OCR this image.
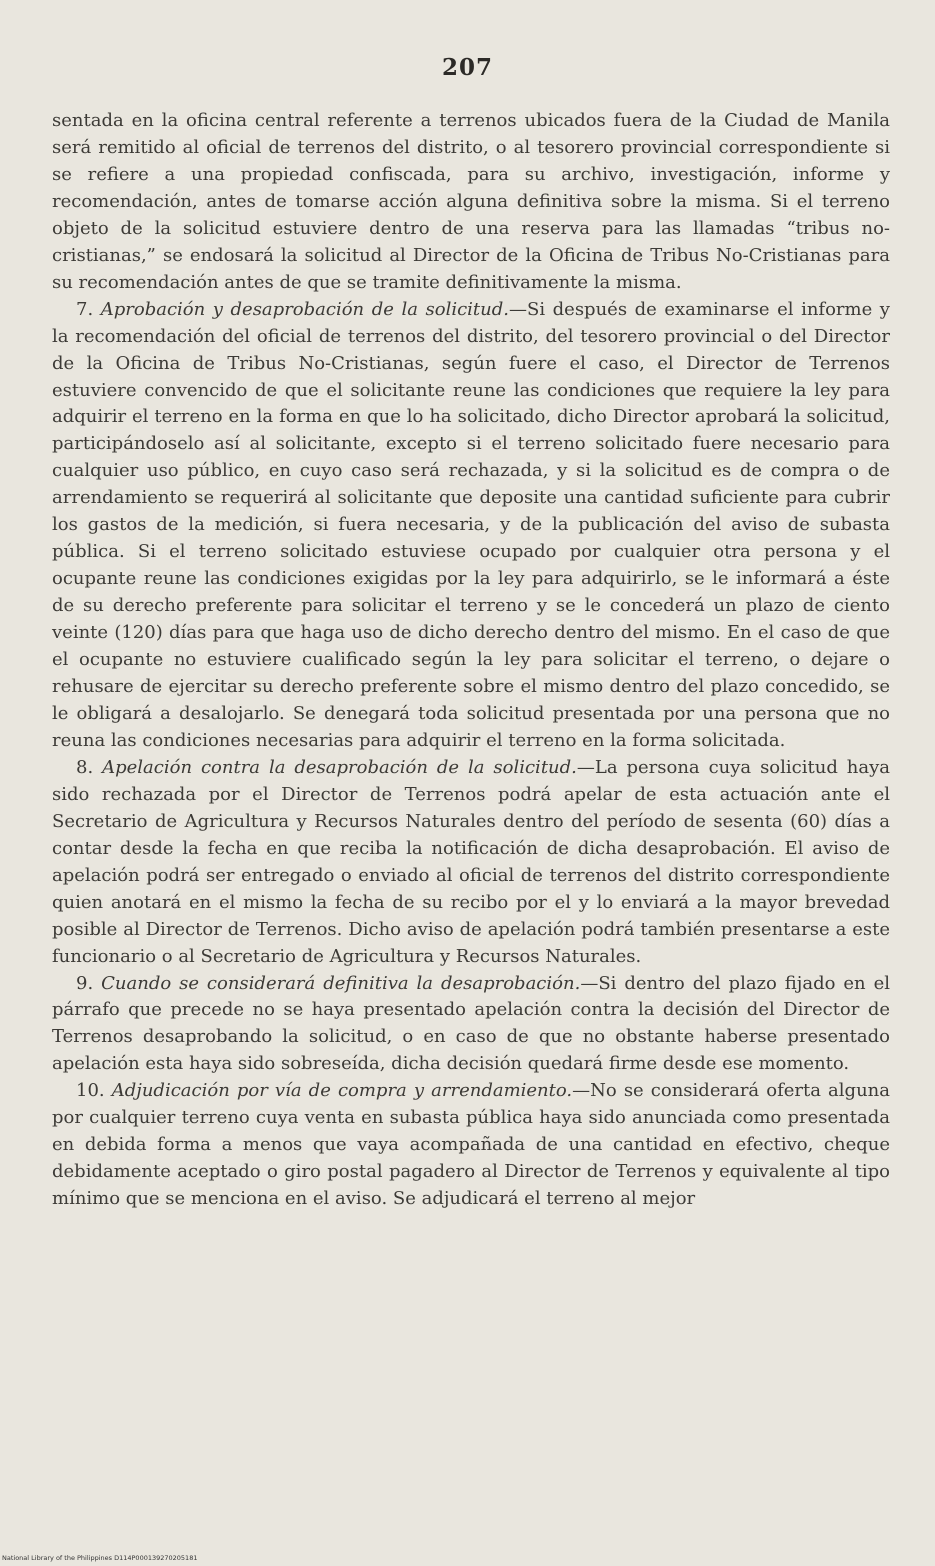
207

sentada en la oficina central referente a terrenos ubicados fuera de la Ciudad de Manila será remitido al oficial de terrenos del distrito, o al tesorero provincial correspondiente si se refiere a una propiedad confiscada, para su archivo, investigación, informe y recomendación, antes de tomarse acción alguna definitiva sobre la misma. Si el terreno objeto de la solicitud estuviere dentro de una reserva para las llamadas “tribus no-cristianas,” se endosará la solicitud al Director de la Oficina de Tribus No-Cristianas para su recomendación antes de que se tramite definitivamente la misma.

7. Aprobación y desaprobación de la solicitud.—Si después de examinarse el informe y la recomendación del oficial de terrenos del distrito, del tesorero provincial o del Director de la Oficina de Tribus No-Cristianas, según fuere el caso, el Director de Terrenos estuviere convencido de que el solicitante reune las condiciones que requiere la ley para adquirir el terreno en la forma en que lo ha solicitado, dicho Director aprobará la solicitud, participándoselo así al solicitante, excepto si el terreno solicitado fuere necesario para cualquier uso público, en cuyo caso será rechazada, y si la solicitud es de compra o de arrendamiento se requerirá al solicitante que deposite una cantidad suficiente para cubrir los gastos de la medición, si fuera necesaria, y de la publicación del aviso de subasta pública. Si el terreno solicitado estuviese ocupado por cualquier otra persona y el ocupante reune las condiciones exigidas por la ley para adquirirlo, se le informará a éste de su derecho preferente para solicitar el terreno y se le concederá un plazo de ciento veinte (120) días para que haga uso de dicho derecho dentro del mismo. En el caso de que el ocupante no estuviere cualificado según la ley para solicitar el terreno, o dejare o rehusare de ejercitar su derecho preferente sobre el mismo dentro del plazo concedido, se le obligará a desalojarlo. Se denegará toda solicitud presentada por una persona que no reuna las condiciones necesarias para adquirir el terreno en la forma solicitada.

8. Apelación contra la desaprobación de la solicitud.—La persona cuya solicitud haya sido rechazada por el Director de Terrenos podrá apelar de esta actuación ante el Secretario de Agricultura y Recursos Naturales dentro del período de sesenta (60) días a contar desde la fecha en que reciba la notificación de dicha desaprobación. El aviso de apelación podrá ser entregado o enviado al oficial de terrenos del distrito correspondiente quien anotará en el mismo la fecha de su recibo por el y lo enviará a la mayor brevedad posible al Director de Terrenos. Dicho aviso de apelación podrá también presentarse a este funcionario o al Secretario de Agricultura y Recursos Naturales.

9. Cuando se considerará definitiva la desaprobación.—Si dentro del plazo fijado en el párrafo que precede no se haya presentado apelación contra la decisión del Director de Terrenos desaprobando la solicitud, o en caso de que no obstante haberse presentado apelación esta haya sido sobreseída, dicha decisión quedará firme desde ese momento.

10. Adjudicación por vía de compra y arrendamiento.—No se considerará oferta alguna por cualquier terreno cuya venta en subasta pública haya sido anunciada como presentada en debida forma a menos que vaya acompañada de una cantidad en efectivo, cheque debidamente aceptado o giro postal pagadero al Director de Terrenos y equivalente al tipo mínimo que se menciona en el aviso. Se adjudicará el terreno al mejor

National Library of the Philippines D114P000139270205181
